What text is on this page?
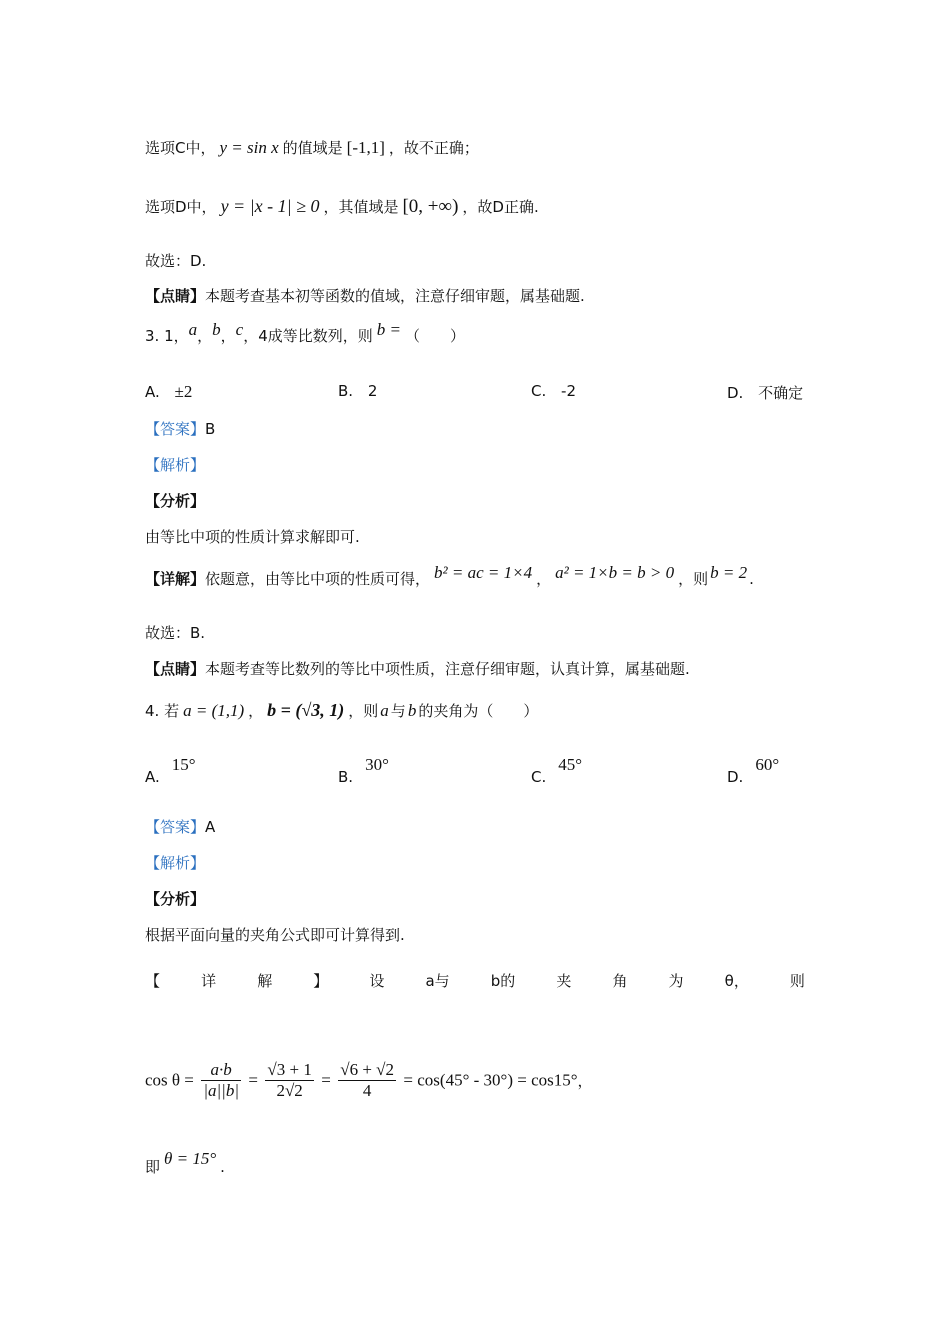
选项C中， y = sin x 的值域是 [-1,1] ，故不正确；
选项D中， y = |x - 1| ≥ 0 ，其值域是 [0, +∞) ，故D正确.
故选：D.
【点睛】本题考查基本初等函数的值域，注意仔细审题，属基础题.
3. 1，a，b，c，4成等比数列，则 b = （　　）
A. ±2	B. 2	C. -2	D. 不确定
【答案】B
【解析】
【分析】
由等比中项的性质计算求解即可.
【详解】依题意，由等比中项的性质可得， b² = ac = 1×4 ， a² = 1×b = b > 0 ，则 b = 2 .
故选：B.
【点睛】本题考查等比数列的等比中项性质，注意仔细审题，认真计算，属基础题.
4. 若 a = (1,1) ， b = (√3, 1) ，则 a 与 b 的夹角为（　　）
A.15°
B.30°
C.45°
D.60°
【答案】A
【解析】
【分析】
根据平面向量的夹角公式即可计算得到.
【	详	解	】	设	a与	b的	夹	角	为	θ，	则
$\cos \theta = \frac{a\cdot b}{|a||b|} = \frac{√3 + 1}{2√2} = \frac{√6 + √2}{4} = \cos(45^\circ - 30^\circ) = \cos 15^\circ$，
即 θ = 15° .
